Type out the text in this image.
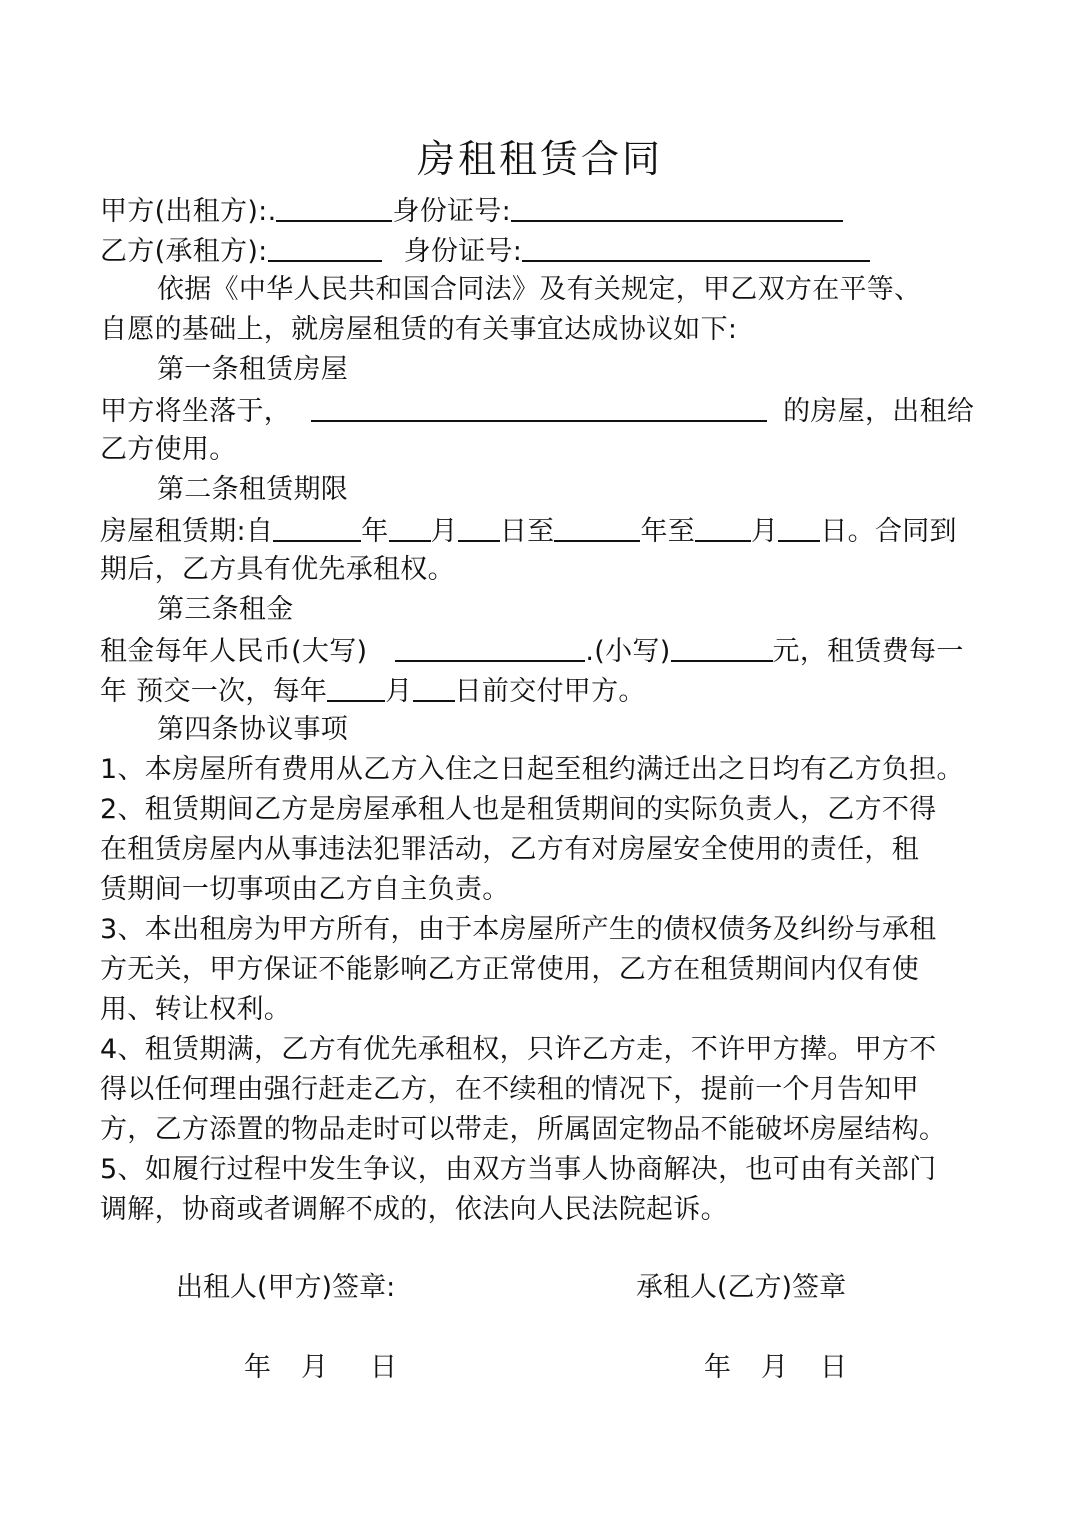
房租租赁合同
甲方(出租方):.	身份证号:
乙方(承租方):	身份证号:
依据《中华人民共和国合同法》及有关规定，甲乙双方在平等、
自愿的基础上，就房屋租赁的有关事宜达成协议如下:
第一条租赁房屋
甲方将坐落于，	的房屋，出租给
乙方使用。
第二条租赁期限
房屋租赁期:自	年 月 日至	年至 月 日。合同到
期后，乙方具有优先承租权。
第三条租金
租金每年人民币(大写)	.(小写)	元，租赁费每一
年 预交一次，每年 月 日前交付甲方。
第四条协议事项
1、本房屋所有费用从乙方入住之日起至租约满迁出之日均有乙方负担。
2、租赁期间乙方是房屋承租人也是租赁期间的实际负责人，乙方不得
在租赁房屋内从事违法犯罪活动，乙方有对房屋安全使用的责任，租
赁期间一切事项由乙方自主负责。
3、本出租房为甲方所有，由于本房屋所产生的债权债务及纠纷与承租
方无关，甲方保证不能影响乙方正常使用，乙方在租赁期间内仅有使
用、转让权利。
4、租赁期满，乙方有优先承租权，只许乙方走，不许甲方撵。甲方不
得以任何理由强行赶走乙方，在不续租的情况下，提前一个月告知甲
方，乙方添置的物品走时可以带走，所属固定物品不能破坏房屋结构。
5、如履行过程中发生争议，由双方当事人协商解决，也可由有关部门
调解，协商或者调解不成的，依法向人民法院起诉。
出租人(甲方)签章:	承租人(乙方)签章
年 月 日	年 月 日
